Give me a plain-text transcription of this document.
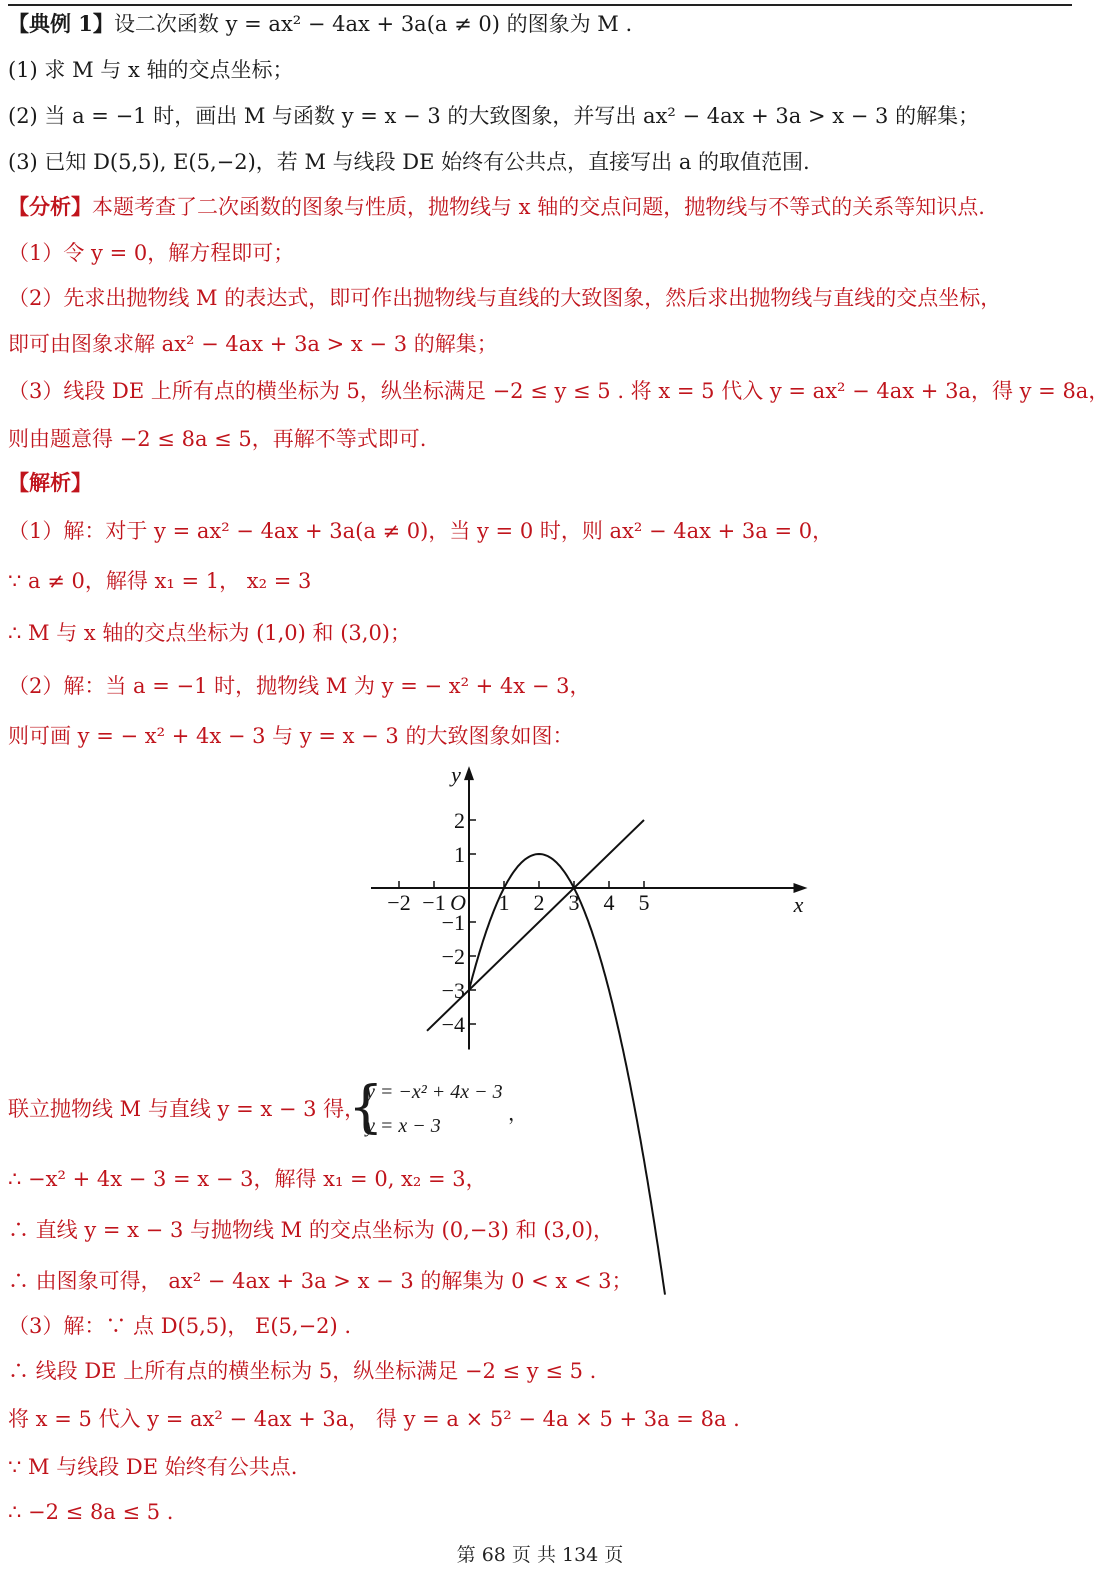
【典例 1】设二次函数 y = ax² − 4ax + 3a(a ≠ 0) 的图象为 M .
(1) 求 M 与 x 轴的交点坐标；
(2) 当 a = −1 时，画出 M 与函数 y = x − 3 的大致图象，并写出 ax² − 4ax + 3a > x − 3 的解集；
(3) 已知 D(5,5), E(5,−2)，若 M 与线段 DE 始终有公共点，直接写出 a 的取值范围.
【分析】本题考查了二次函数的图象与性质，抛物线与 x 轴的交点问题，抛物线与不等式的关系等知识点.
（1）令 y = 0，解方程即可；
（2）先求出抛物线 M 的表达式，即可作出抛物线与直线的大致图象，然后求出抛物线与直线的交点坐标，
即可由图象求解 ax² − 4ax + 3a > x − 3 的解集；
（3）线段 DE 上所有点的横坐标为 5，纵坐标满足 −2 ≤ y ≤ 5 . 将 x = 5 代入 y = ax² − 4ax + 3a，得 y = 8a，
则由题意得 −2 ≤ 8a ≤ 5，再解不等式即可.
【解析】
（1）解：对于 y = ax² − 4ax + 3a(a ≠ 0)，当 y = 0 时，则 ax² − 4ax + 3a = 0，
∵ a ≠ 0，解得 x₁ = 1， x₂ = 3
∴ M 与 x 轴的交点坐标为 (1,0) 和 (3,0)；
（2）解：当 a = −1 时，抛物线 M 为 y = − x² + 4x − 3，
则可画 y = − x² + 4x − 3 与 y = x − 3 的大致图象如图：
−2 −1 1 2 3 4 5
2
1
−1
−2
−3
−4
O	x
y
联立抛物线 M 与直线 y = x − 3 得，
{
y = −x² + 4x − 3
y = x − 3
，
∴ −x² + 4x − 3 = x − 3，解得 x₁ = 0, x₂ = 3，
∴ 直线 y = x − 3 与抛物线 M 的交点坐标为 (0,−3) 和 (3,0)，
∴ 由图象可得， ax² − 4ax + 3a > x − 3 的解集为 0 < x < 3；
（3）解：∵ 点 D(5,5)， E(5,−2) .
∴ 线段 DE 上所有点的横坐标为 5，纵坐标满足 −2 ≤ y ≤ 5 .
将 x = 5 代入 y = ax² − 4ax + 3a， 得 y = a × 5² − 4a × 5 + 3a = 8a .
∵ M 与线段 DE 始终有公共点.
∴ −2 ≤ 8a ≤ 5 .
第 68 页 共 134 页
